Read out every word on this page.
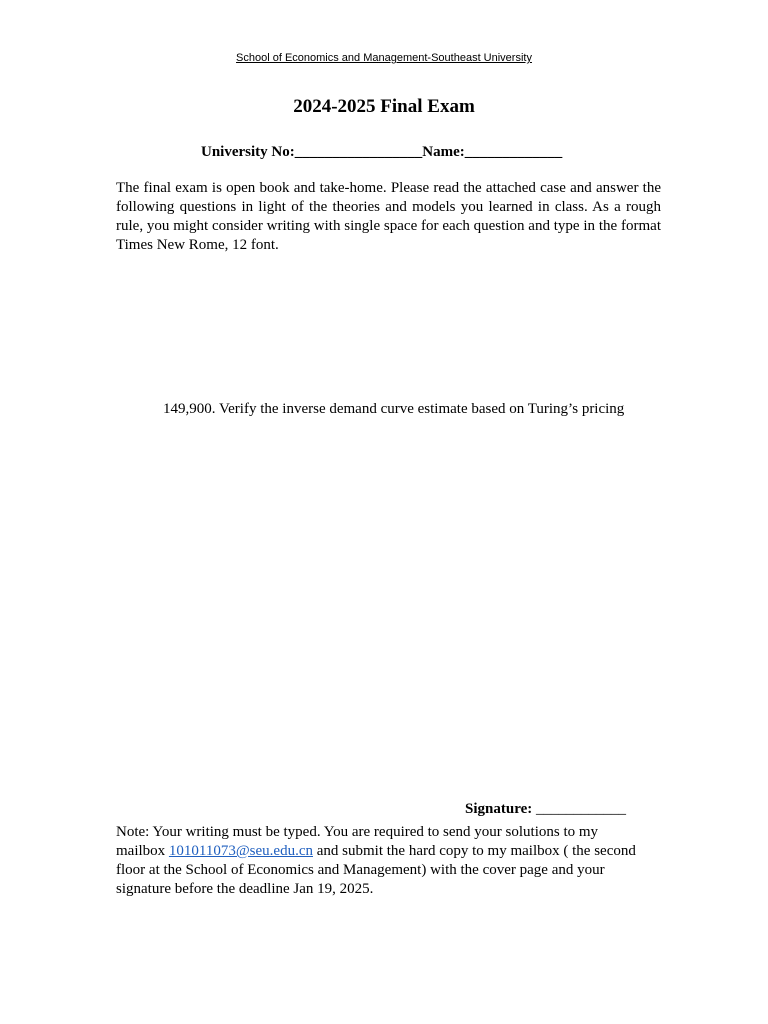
School of Economics and Management-Southeast University
2024-2025 Final Exam
University No:_________________Name:_____________

The final exam is open book and take-home. Please read the attached case and answer the following questions in light of the theories and models you learned in class. As a rough rule, you might consider writing with single space for each question and type in the format Times New Rome, 12 font.

149,900. Verify the inverse demand curve estimate based on Turing’s pricing
Signature: ____________

Note: Your writing must be typed. You are required to send your solutions to my mailbox 101011073@seu.edu.cn and submit the hard copy to my mailbox ( the second floor at the School of Economics and Management) with the cover page and your signature before the deadline Jan 19, 2025.
